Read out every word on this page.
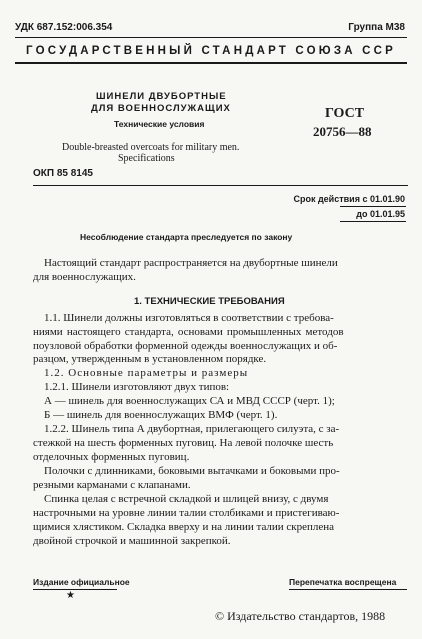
УДК 687.152:006.354	Группа М38
ГОСУДАРСТВЕННЫЙ СТАНДАРТ СОЮЗА ССР
ШИНЕЛИ ДВУБОРТНЫЕ
ДЛЯ ВОЕННОСЛУЖАЩИХ
Технические условия
Double-breasted overcoats for military men.
Specifications
ОКП 85 8145
ГОСТ
20756—88
Срок действия с 01.01.90
до 01.01.95
Несоблюдение стандарта преследуется по закону
Настоящий стандарт распространяется на двубортные шинели
для военнослужащих.
1. ТЕХНИЧЕСКИЕ ТРЕБОВАНИЯ
1.1. Шинели должны изготовляться в соответствии с требова-
ниями настоящего стандарта, основами промышленных методов
поузловой обработки форменной одежды военнослужащих и об-
разцом, утвержденным в установленном порядке.
1.2. Основные параметры и размеры
1.2.1. Шинели изготовляют двух типов:
А — шинель для военнослужащих СА и МВД СССР (черт. 1);
Б — шинель для военнослужащих ВМФ (черт. 1).
1.2.2. Шинель типа А двубортная, прилегающего силуэта, с за-
стежкой на шесть форменных пуговиц. На левой полочке шесть
отделочных форменных пуговиц.
Полочки с длинниками, боковыми вытачками и боковыми про-
резными карманами с клапанами.
Спинка целая с встречной складкой и шлицей внизу, с двумя
настрочными на уровне линии талии столбиками и пристегиваю-
щимися хлястиком. Складка вверху и на линии талии скреплена
двойной строчкой и машинной закрепкой.
Издание официальное
★
Перепечатка воспрещена
© Издательство стандартов, 1988
